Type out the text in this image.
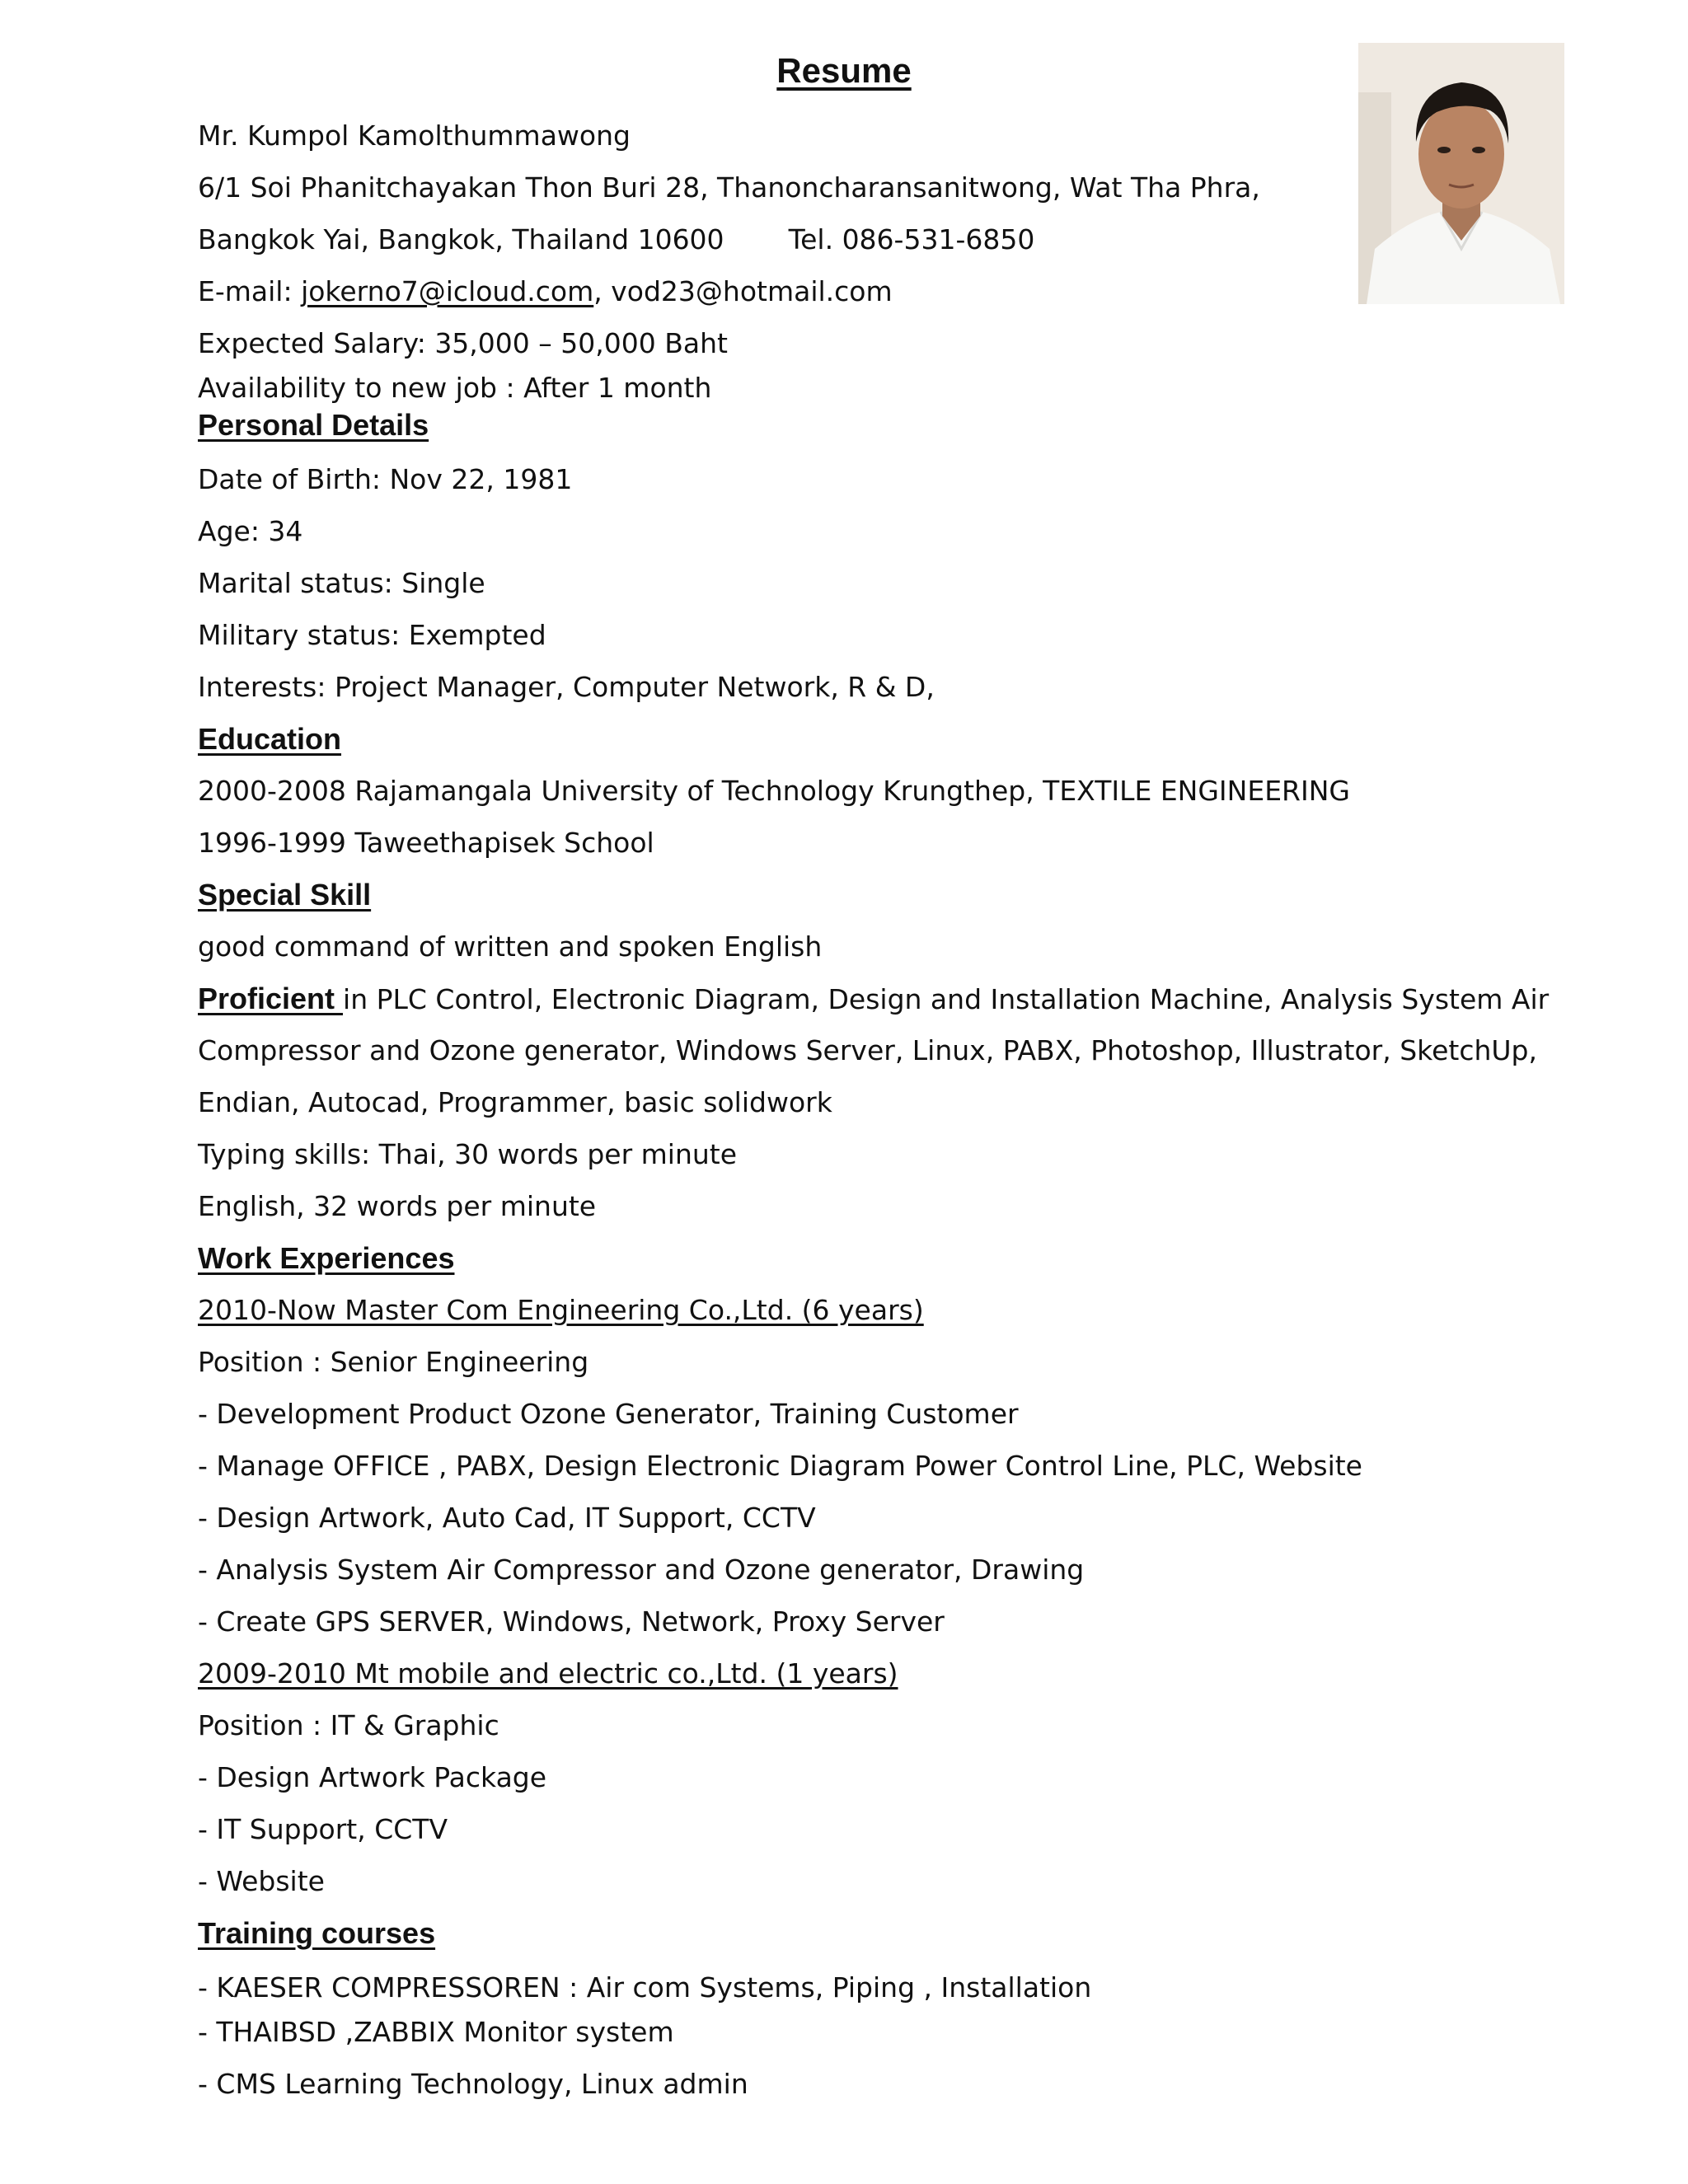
Resume
Mr. Kumpol Kamolthummawong
6/1 Soi Phanitchayakan Thon Buri 28, Thanoncharansanitwong, Wat Tha Phra,
Bangkok Yai, Bangkok, Thailand 10600 Tel. 086-531-6850
E-mail: jokerno7@icloud.com, vod23@hotmail.com
Expected Salary: 35,000 – 50,000 Baht
Availability to new job : After 1 month
Personal Details
Date of Birth: Nov 22, 1981
Age: 34
Marital status: Single
Military status: Exempted
Interests: Project Manager, Computer Network, R & D,
Education
2000-2008 Rajamangala University of Technology Krungthep, TEXTILE ENGINEERING
1996-1999 Taweethapisek School
Special Skill
good command of written and spoken English
Proficient in PLC Control, Electronic Diagram, Design and Installation Machine, Analysis System Air
Compressor and Ozone generator, Windows Server, Linux, PABX, Photoshop, Illustrator, SketchUp,
Endian, Autocad, Programmer, basic solidwork
Typing skills: Thai, 30 words per minute
English, 32 words per minute
Work Experiences
2010-Now Master Com Engineering Co.,Ltd. (6 years)
Position : Senior Engineering
- Development Product Ozone Generator, Training Customer
- Manage OFFICE , PABX, Design Electronic Diagram Power Control Line, PLC, Website
- Design Artwork, Auto Cad, IT Support, CCTV
- Analysis System Air Compressor and Ozone generator, Drawing
- Create GPS SERVER, Windows, Network, Proxy Server
2009-2010 Mt mobile and electric co.,Ltd. (1 years)
Position : IT & Graphic
- Design Artwork Package
- IT Support, CCTV
- Website
Training courses
- KAESER COMPRESSOREN : Air com Systems, Piping , Installation
- THAIBSD ,ZABBIX Monitor system
- CMS Learning Technology, Linux admin
